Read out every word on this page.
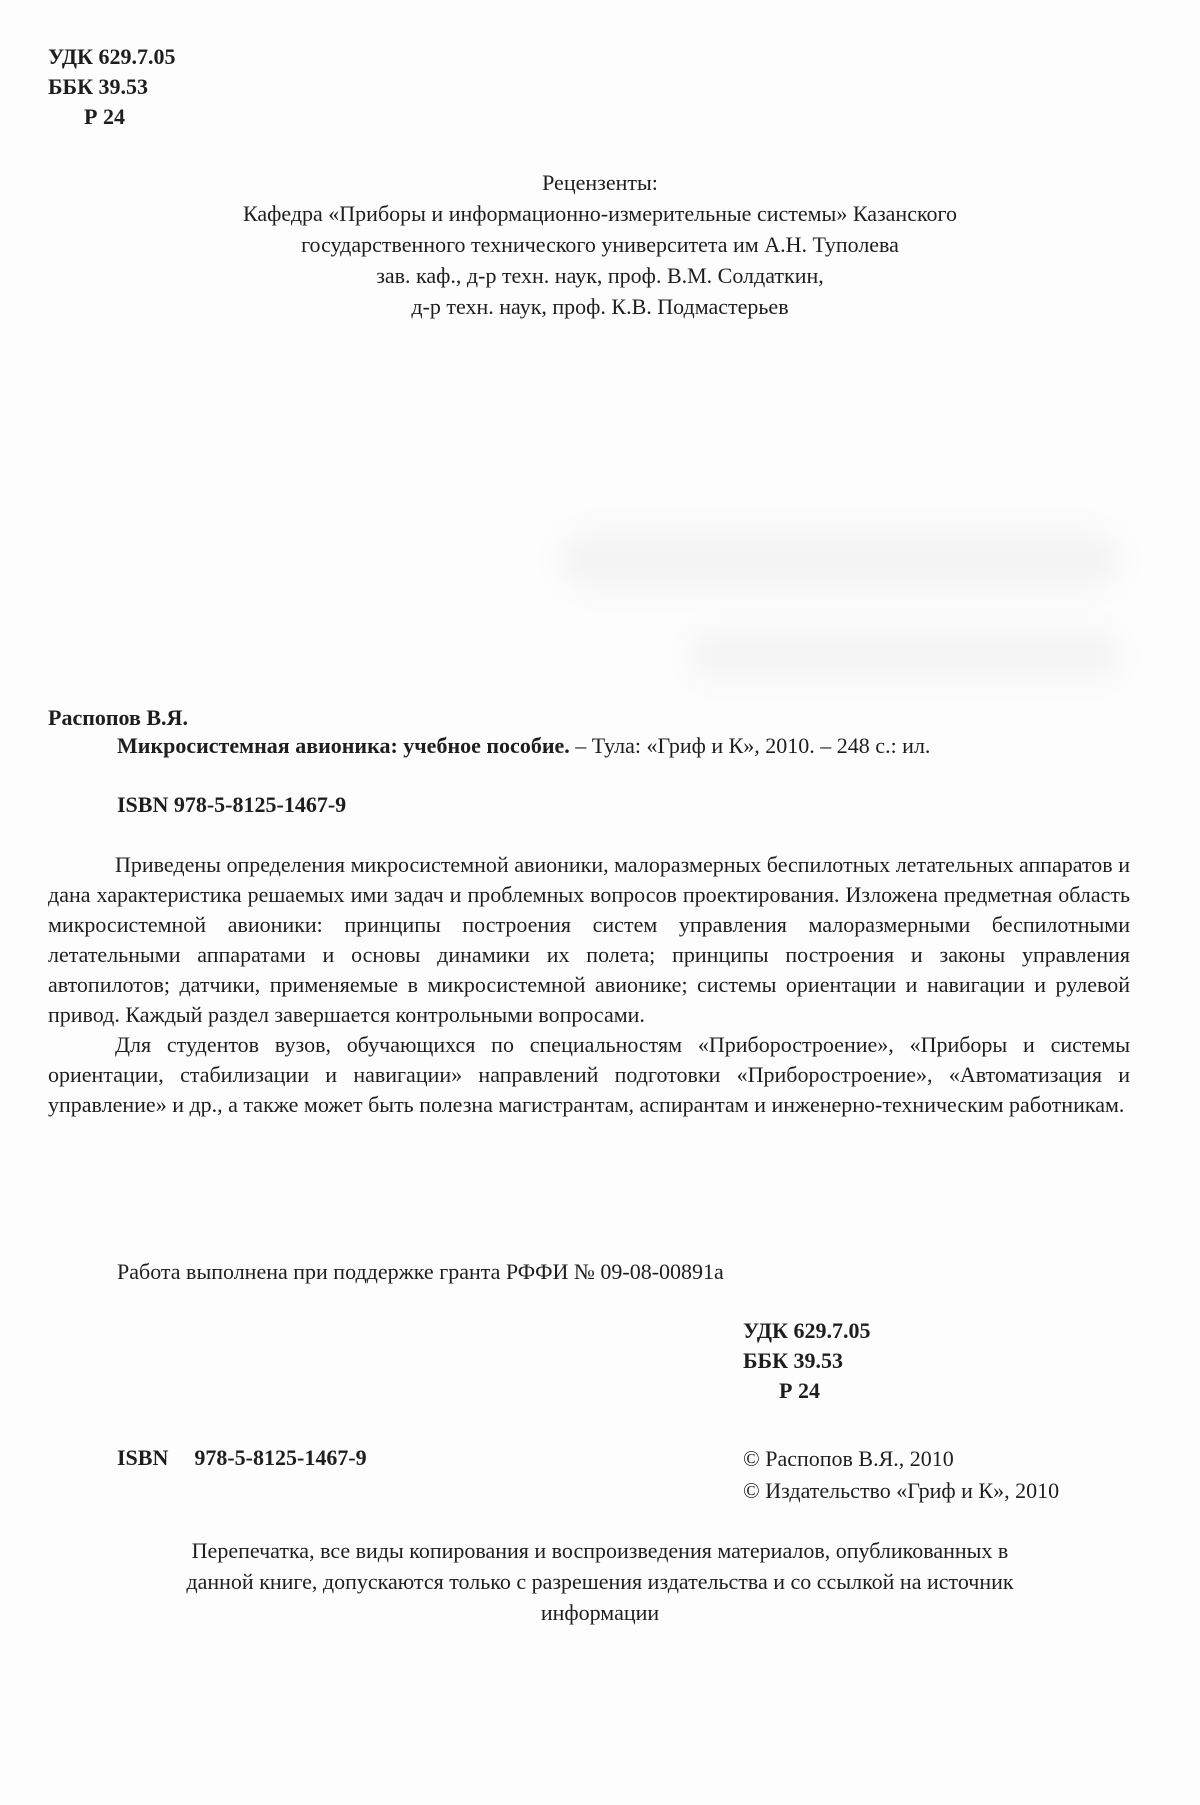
УДК 629.7.05
ББК 39.53
Р 24
Рецензенты:
Кафедра «Приборы и информационно-измерительные системы» Казанского
государственного технического университета им А.Н. Туполева
зав. каф., д-р техн. наук, проф. В.М. Солдаткин,
д-р техн. наук, проф. К.В. Подмастерьев
Распопов В.Я.
Микросистемная авионика: учебное пособие. – Тула: «Гриф и К», 2010. – 248 с.: ил.
ISBN 978-5-8125-1467-9

Приведены определения микросистемной авионики, малоразмерных беспилотных летательных аппаратов и дана характеристика решаемых ими задач и проблемных вопросов проектирования. Изложена предметная область микросистемной авионики: принципы построения систем управления малоразмерными беспилотными летательными аппаратами и основы динамики их полета; принципы построения и законы управления автопилотов; датчики, применяемые в микросистемной авионике; системы ориентации и навигации и рулевой привод. Каждый раздел завершается контрольными вопросами.

Для студентов вузов, обучающихся по специальностям «Приборостроение», «Приборы и системы ориентации, стабилизации и навигации» направлений подготовки «Приборостроение», «Автоматизация и управление» и др., а также может быть полезна магистрантам, аспирантам и инженерно-техническим работникам.

Работа выполнена при поддержке гранта РФФИ № 09-08-00891а
УДК 629.7.05
ББК 39.53
Р 24
ISBN 978-5-8125-1467-9	© Распопов В.Я., 2010
© Издательство «Гриф и К», 2010
Перепечатка, все виды копирования и воспроизведения материалов, опубликованных в
данной книге, допускаются только с разрешения издательства и со ссылкой на источник
информации
